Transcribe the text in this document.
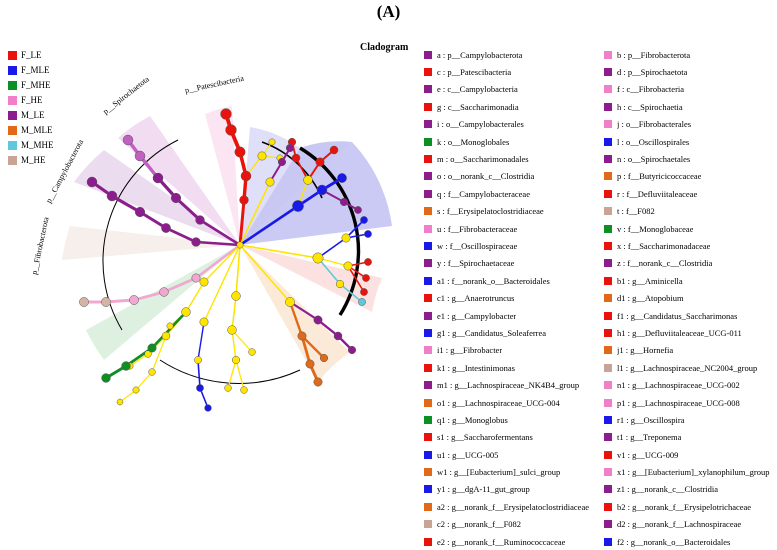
(A)
Cladogram
F_LE
F_MLE
F_MHE
F_HE
M_LE
M_MLE
M_MHE
M_HE
p__Patescibacteria
p__Spirochaetota
p__Campylobacterota
p__Fibrobacterota
a : p__Campylobacterota
c : p__Patescibacteria
e : c__Campylobacteria
g : c__Saccharimonadia
i : o__Campylobacterales
k : o__Monoglobales
m : o__Saccharimonadales
o : o__norank_c__Clostridia
q : f__Campylobacteraceae
s : f__Erysipelatoclostridiaceae
u : f__Fibrobacteraceae
w : f__Oscillospiraceae
y : f__Spirochaetaceae
a1 : f__norank_o__Bacteroidales
c1 : g__Anaerotruncus
e1 : g__Campylobacter
g1 : g__Candidatus_Soleaferrea
i1 : g__Fibrobacter
k1 : g__Intestinimonas
m1 : g__Lachnospiraceae_NK4B4_group
o1 : g__Lachnospiraceae_UCG-004
q1 : g__Monoglobus
s1 : g__Saccharofermentans
u1 : g__UCG-005
w1 : g__[Eubacterium]_sulci_group
y1 : g__dgA-11_gut_group
a2 : g__norank_f__Erysipelatoclostridiaceae
c2 : g__norank_f__F082
e2 : g__norank_f__Ruminococcaceae
b : p__Fibrobacterota
d : p__Spirochaetota
f : c__Fibrobacteria
h : c__Spirochaetia
j : o__Fibrobacterales
l : o__Oscillospirales
n : o__Spirochaetales
p : f__Butyricicoccaceae
r : f__Defluviitaleaceae
t : f__F082
v : f__Monoglobaceae
x : f__Saccharimonadaceae
z : f__norank_c__Clostridia
b1 : g__Aminicella
d1 : g__Atopobium
f1 : g__Candidatus_Saccharimonas
h1 : g__Defluviitaleaceae_UCG-011
j1 : g__Hornefia
l1 : g__Lachnospiraceae_NC2004_group
n1 : g__Lachnospiraceae_UCG-002
p1 : g__Lachnospiraceae_UCG-008
r1 : g__Oscillospira
t1 : g__Treponema
v1 : g__UCG-009
x1 : g__[Eubacterium]_xylanophilum_group
z1 : g__norank_c__Clostridia
b2 : g__norank_f__Erysipelotrichaceae
d2 : g__norank_f__Lachnospiraceae
f2 : g__norank_o__Bacteroidales
